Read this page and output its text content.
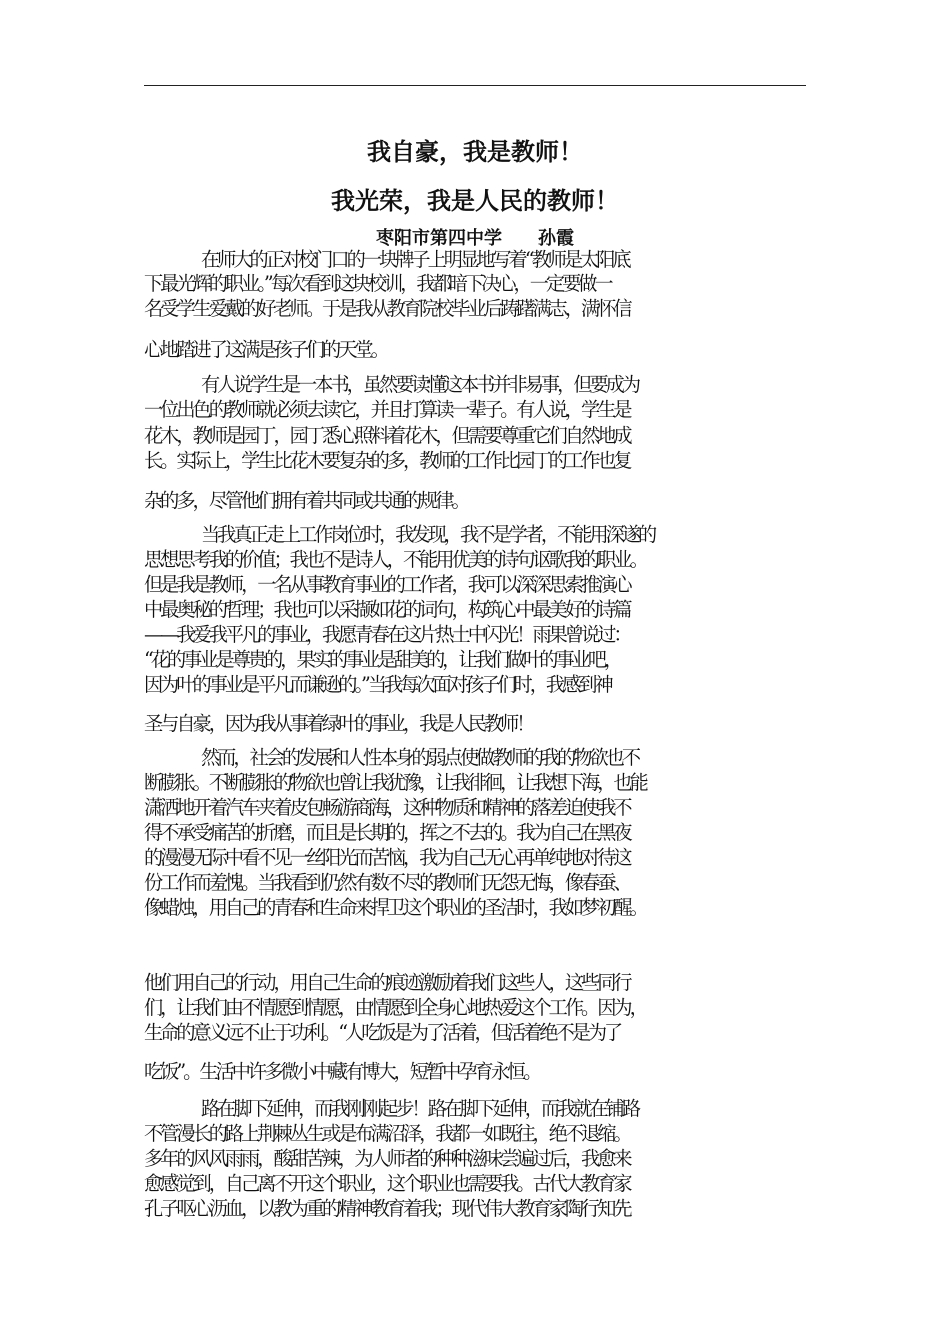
我自豪，我是教师！
我光荣，我是人民的教师！
枣阳市第四中学　　孙霞
在师大的正对校门口的一块牌子上明显地写着“教师是太阳底
下最光辉的职业。”每次看到这块校训，我都暗下决心，一定要做一
名受学生爱戴的好老师。于是我从教育院校毕业后踌躇满志，满怀信
心地踏进了这满是孩子们的天堂。
有人说学生是一本书，虽然要读懂这本书并非易事，但要成为
一位出色的教师就必须去读它，并且打算读一辈子。有人说，学生是
花木，教师是园丁，园丁悉心照料着花木，但需要尊重它们自然地成
长。实际上，学生比花木要复杂的多，教师的工作比园丁的工作也复
杂的多，尽管他们拥有着共同或共通的规律。
当我真正走上工作岗位时，我发现，我不是学者，不能用深遂的
思想思考我的价值；我也不是诗人，不能用优美的诗句讴歌我的职业。
但是我是教师，一名从事教育事业的工作者，我可以深深思索推演心
中最奥秘的哲理；我也可以采撷如花的词句，构筑心中最美好的诗篇
——我爱我平凡的事业，我愿青春在这片热土中闪光！雨果曾说过：
“花的事业是尊贵的，果实的事业是甜美的，让我们做叶的事业吧，
因为叶的事业是平凡而谦逊的。”当我每次面对孩子们时，我感到神
圣与自豪，因为我从事着绿叶的事业，我是人民教师！
然而，社会的发展和人性本身的弱点使做教师的我的物欲也不
断膨胀。不断膨胀的物欲也曾让我犹豫，让我徘徊，让我想下海，也能
潇洒地开着汽车夹着皮包畅游商海，这种物质和精神的落差迫使我不
得不承受痛苦的折磨，而且是长期的，挥之不去的。我为自己在黑夜
的漫漫无际中看不见一丝阳光而苦恼，我为自己无心再单纯地对待这
份工作而羞愧。当我看到仍然有数不尽的教师们无怨无悔，像春蚕、
像蜡烛，用自己的青春和生命来捍卫这个职业的圣洁时，我如梦初醒。
他们用自己的行动，用自己生命的痕迹激励着我们这些人，这些同行
们，让我们由不情愿到情愿，由情愿到全身心地热爱这个工作。因为，
生命的意义远不止于功利。“人吃饭是为了活着，但活着绝不是为了
吃饭”。生活中许多微小中藏有博大，短暂中孕育永恒。
路在脚下延伸，而我刚刚起步！路在脚下延伸，而我就在铺路
不管漫长的路上荆棘丛生或是布满沼泽，我都一如既往，绝不退缩。
多年的风风雨雨，酸甜苦辣，为人师者的种种滋味尝遍过后，我愈来
愈感觉到，自己离不开这个职业，这个职业也需要我。古代大教育家
孔子呕心沥血，以教为重的精神教育着我；现代伟大教育家陶行知先
